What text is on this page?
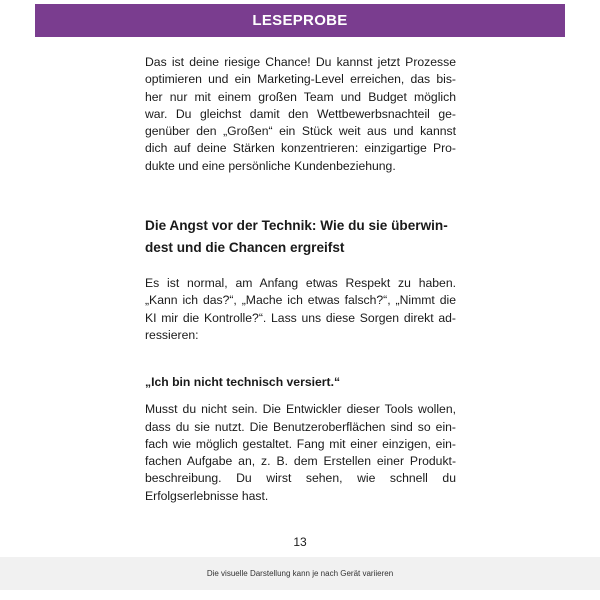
LESEPROBE

Das ist deine riesige Chance! Du kannst jetzt Prozesse
optimieren und ein Marketing-Level erreichen, das bis-
her nur mit einem großen Team und Budget möglich
war. Du gleichst damit den Wettbewerbsnachteil ge-
genüber den „Großen“ ein Stück weit aus und kannst
dich auf deine Stärken konzentrieren: einzigartige Pro-
dukte und eine persönliche Kundenbeziehung.

Die Angst vor der Technik: Wie du sie überwin-
dest und die Chancen ergreifst

Es ist normal, am Anfang etwas Respekt zu haben.
„Kann ich das?“, „Mache ich etwas falsch?“, „Nimmt die
KI mir die Kontrolle?“. Lass uns diese Sorgen direkt ad-
ressieren:

„Ich bin nicht technisch versiert.“

Musst du nicht sein. Die Entwickler dieser Tools wollen,
dass du sie nutzt. Die Benutzeroberflächen sind so ein-
fach wie möglich gestaltet. Fang mit einer einzigen, ein-
fachen Aufgabe an, z. B. dem Erstellen einer Produkt-
beschreibung. Du wirst sehen, wie schnell du
Erfolgserlebnisse hast.

13
Die visuelle Darstellung kann je nach Gerät variieren
